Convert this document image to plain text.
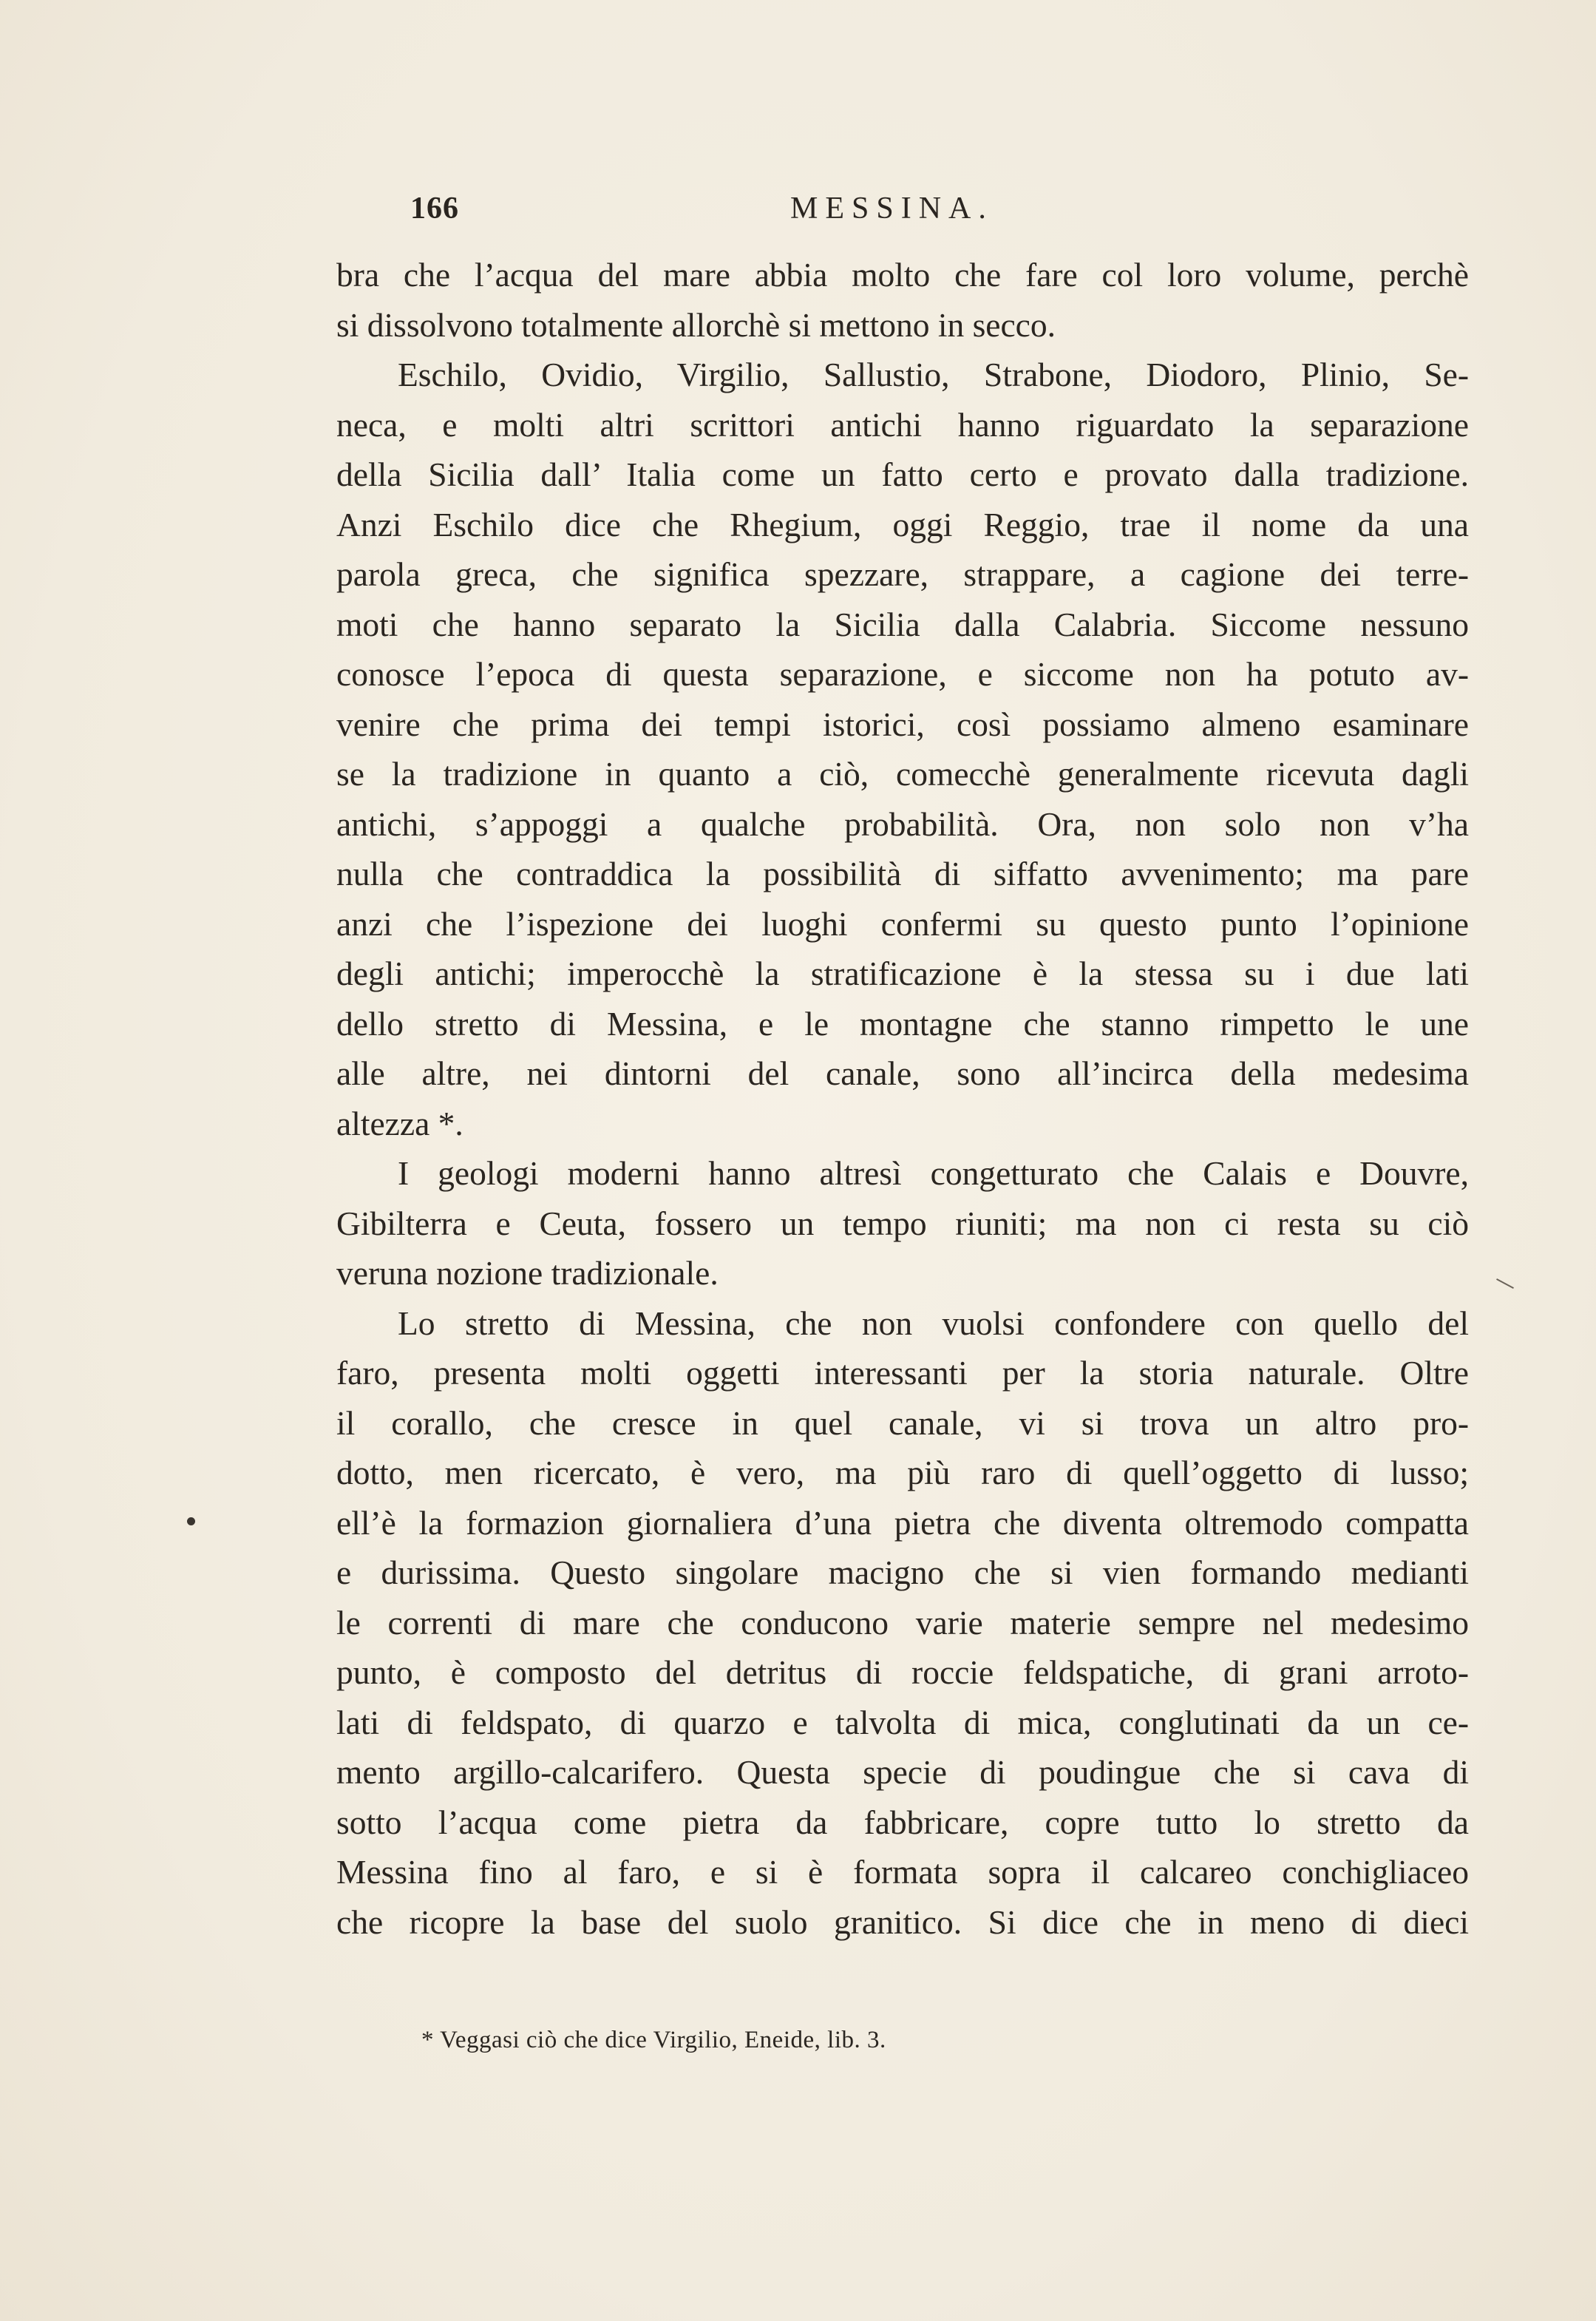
166	MESSINA.
bra che l’acqua del mare abbia molto che fare col loro volume, perchè
si dissolvono totalmente allorchè si mettono in secco.
Eschilo, Ovidio, Virgilio, Sallustio, Strabone, Diodoro, Plinio, Se-
neca, e molti altri scrittori antichi hanno riguardato la separazione
della Sicilia dall’ Italia come un fatto certo e provato dalla tradizione.
Anzi Eschilo dice che Rhegium, oggi Reggio, trae il nome da una
parola greca, che significa spezzare, strappare, a cagione dei terre-
moti che hanno separato la Sicilia dalla Calabria. Siccome nessuno
conosce l’epoca di questa separazione, e siccome non ha potuto av-
venire che prima dei tempi istorici, così possiamo almeno esaminare
se la tradizione in quanto a ciò, comecchè generalmente ricevuta dagli
antichi, s’appoggi a qualche probabilità. Ora, non solo non v’ha
nulla che contraddica la possibilità di siffatto avvenimento; ma pare
anzi che l’ispezione dei luoghi confermi su questo punto l’opinione
degli antichi; imperocchè la stratificazione è la stessa su i due lati
dello stretto di Messina, e le montagne che stanno rimpetto le une
alle altre, nei dintorni del canale, sono all’incirca della medesima
altezza *.
I geologi moderni hanno altresì congetturato che Calais e Douvre,
Gibilterra e Ceuta, fossero un tempo riuniti; ma non ci resta su ciò
veruna nozione tradizionale.
Lo stretto di Messina, che non vuolsi confondere con quello del
faro, presenta molti oggetti interessanti per la storia naturale. Oltre
il corallo, che cresce in quel canale, vi si trova un altro pro-
dotto, men ricercato, è vero, ma più raro di quell’oggetto di lusso;
ell’è la formazion giornaliera d’una pietra che diventa oltremodo compatta
e durissima. Questo singolare macigno che si vien formando medianti
le correnti di mare che conducono varie materie sempre nel medesimo
punto, è composto del detritus di roccie feldspatiche, di grani arroto-
lati di feldspato, di quarzo e talvolta di mica, conglutinati da un ce-
mento argillo-calcarifero. Questa specie di poudingue che si cava di
sotto l’acqua come pietra da fabbricare, copre tutto lo stretto da
Messina fino al faro, e si è formata sopra il calcareo conchigliaceo
che ricopre la base del suolo granitico. Si dice che in meno di dieci
* Veggasi ciò che dice Virgilio, Eneide, lib. 3.
